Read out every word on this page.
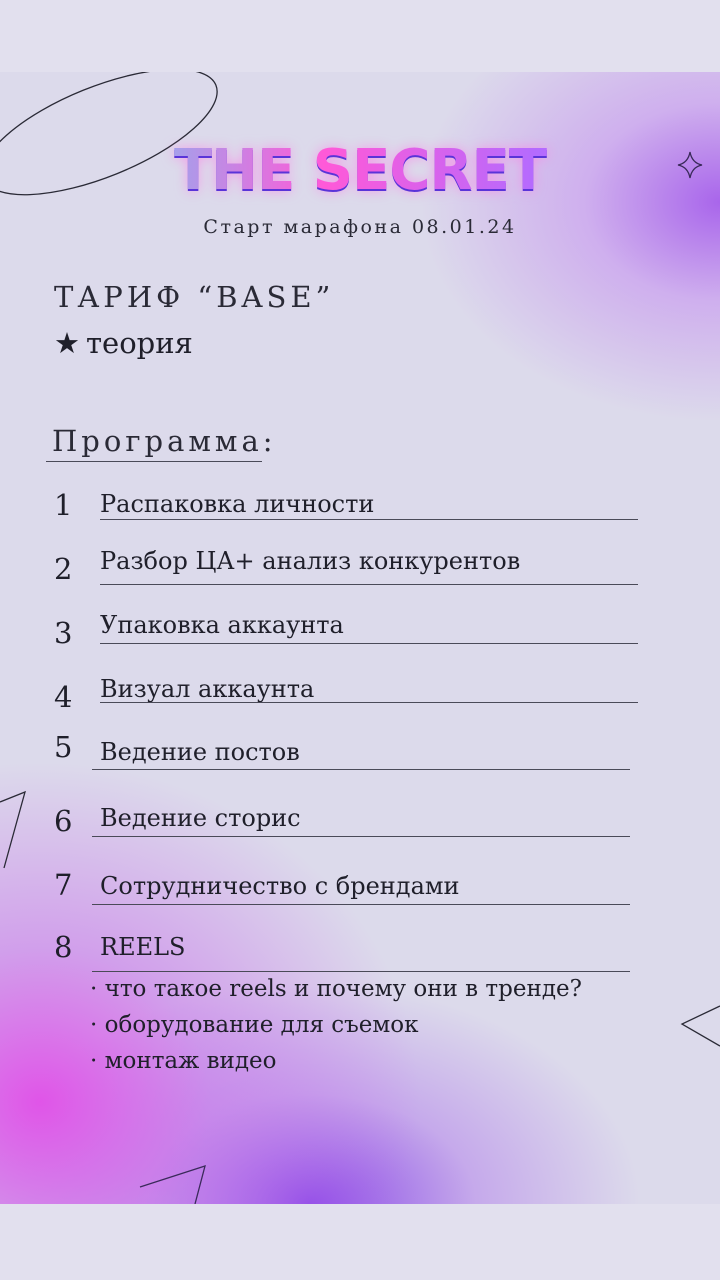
THE SECRET
Старт марафона 08.01.24
ТАРИФ “BASE”
★ теория
Программа:
1 Распаковка личности
2 Разбор ЦА+ анализ конкурентов
3 Упаковка аккаунта
4 Визуал аккаунта
5 Ведение постов
6 Ведение сторис
7 Сотрудничество с брендами
8 REELS
· что такое reels и почему они в тренде?
· оборудование для съемок
· монтаж видео
